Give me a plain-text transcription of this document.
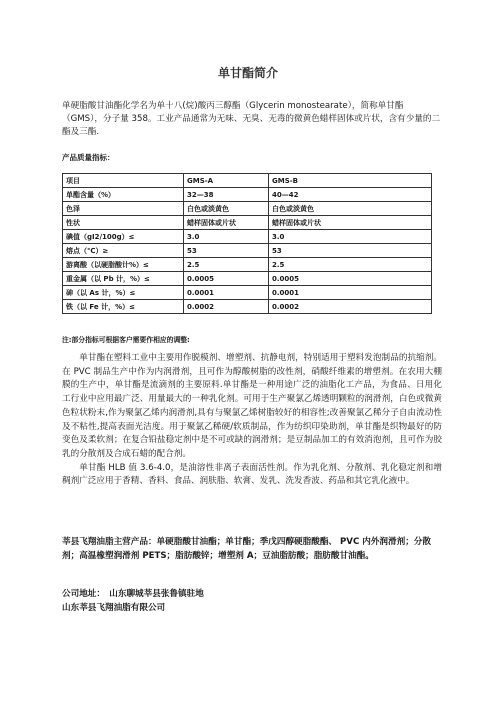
单甘酯简介
单硬脂酸甘油酯化学名为单十八(烷)酸丙三醇酯（Glycerin monostearate），简称单甘酯（GMS），分子量 358。工业产品通常为无味、无臭、无毒的微黄色蜡样固体或片状，含有少量的二酯及三酯.
产品质量指标：
项目	GMS-A	GMS-B
单酯含量（%）	32—38	40—42
色泽	白色或淡黄色	白色或淡黄色
性状	蜡样固体或片状	蜡样固体或片状
碘值（gI2/100g）≤	3.0	3.0
熔点（℃）≥	53	53
游离酸（以硬脂酸计%）≤	2.5	2.5
重金属（以 Pb 计，%）≤	0.0005	0.0005
砷（以 As 计，%）≤	0.0001	0.0001
铁（以 Fe 计，%）≤	0.0002	0.0002
注:部分指标可根据客户需要作相应的调整:

单甘酯在塑料工业中主要用作脱模剂、增塑剂、抗静电剂，特别适用于塑料发泡制品的抗缩剂。在 PVC 制品生产中作为内润滑剂，且可作为醇酸树脂的改性剂，硝酸纤维素的增塑剂。在农用大棚膜的生产中，单甘酯是流滴剂的主要原料.单甘酯是一种用途广泛的油脂化工产品，为食品、日用化工行业中应用最广泛、用量最大的一种乳化剂。可用于生产聚氯乙烯透明颗粒的润滑剂，白色或微黄色粒状粉末,作为聚氯乙烯内润滑剂,具有与聚氯乙烯树脂较好的相容性;改善聚氯乙稀分子自由流动性及不粘性,提高表面光洁度。用于聚氯乙稀硬/软质制品，作为纺织印染助剂，单甘酯是织物最好的防变色及柔软剂；在复合铅盐稳定剂中是不可或缺的润滑剂；是豆制品加工的有效消泡剂，且可作为胶乳的分散剂及合成石蜡的配合剂。

单甘酯 HLB 值 3.6-4.0，是油溶性非离子表面活性剂。作为乳化剂、分散剂、乳化稳定剂和增稠剂广泛应用于香精、香料、食品、润肤脂、软膏、发乳、洗发香波、药品和其它乳化液中。

莘县飞翔油脂主营产品：单硬脂酸甘油酯；单甘酯；季戊四醇硬脂酸酯、 PVC 内外润滑剂；分散剂；高温橡塑润滑剂 PETS；脂肪酸锌；增塑剂 A；豆油脂肪酸；脂肪酸甘油酯。
公司地址：　山东聊城莘县张鲁镇驻地
山东莘县飞翔油脂有限公司
